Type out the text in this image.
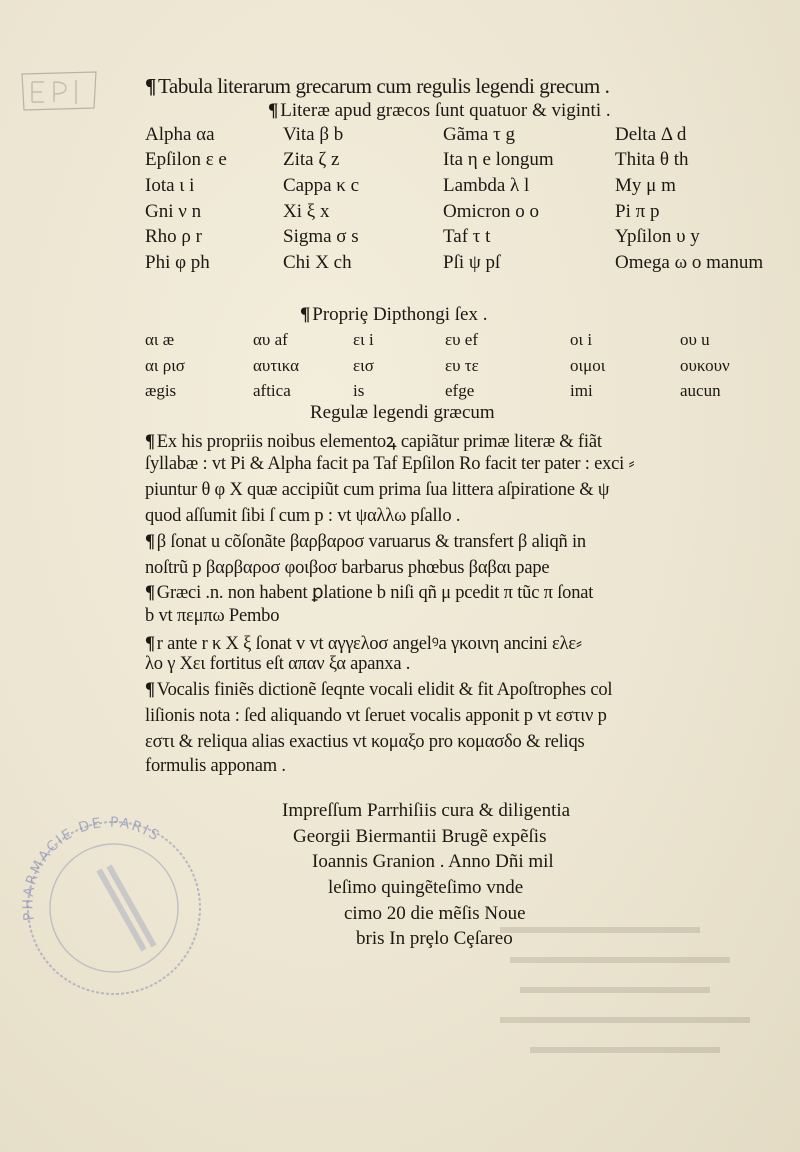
¶Tabula literarum grecarum cum regulis legendi grecum .
¶ Literæ apud græcos ſunt quatuor & viginti .
Alpha αa	Vita β b	Gãma τ g	Delta Δ d
Epſilon ε e	Zita ζ z	Ita η e longum	Thita θ th
Iota ι i	Cappa κ c	Lambda λ l	My μ m
Gni ν n	Xi ξ x	Omicron ο o	Pi π p
Rho ρ r	Sigma σ s	Taf τ t	Ypſilon υ y
Phi φ ph	Chi X ch	Pſi ψ pſ	Omega ω o manum
¶ Propriȩ Dipthongi ſex .
αι æ	αυ af	ει i	ευ ef	οι i	ου u
αι ρισ	αυτικα	εισ	ευ τε	οιμοι	ουκουν
ægis	aftica	is	efge	imi	aucun
Regulæ legendi græcum
¶ Ex his propriis noibus elementoꝝ capiãtur primæ literæ & fiãt
ſyllabæ : vt Pi & Alpha facit pa Taf Epſilon Ro facit ter pater : exci ⸗
piuntur θ φ X quæ accipiũt cum prima ſua littera aſpiratione & ψ
quod aſſumit ſibi ſ cum p : vt ψαλλω pſallo .
¶ β ſonat u cõſonãte βαρβαροσ varuarus & transfert β aliqñ in
noſtrũ p βαρβαροσ φοιβοσ barbarus phœbus βαβαι pape
¶ Græci .n. non habent ꝑlatione b niſi qñ μ pcedit π tũc π ſonat
b vt πεμπω Pembo
¶ r ante r κ X ξ ſonat v vt αγγελοσ angelꝰa γκοινη ancini ελε⸗
λο γ Xει fortitus eſt απαν ξα apanxa .
¶ Vocalis finiẽs dictionẽ ſeqnte vocali elidit & fit Apoſtrophes col
liſionis nota : ſed aliquando vt ſeruet vocalis apponit p vt εστιν p
εστι & reliqua alias exactius vt κομαξο pro κομασδο & reliqs
formulis apponam .
Impreſſum Parrhiſiis cura & diligentia
Georgii Biermantii Brugẽ expẽſis
Ioannis Granion . Anno Dñi mil
leſimo quingẽteſimo vnde
cimo 20 die mẽſis Noue
bris In prȩlo Cȩſareo
PHARMACIE DE PARIS
